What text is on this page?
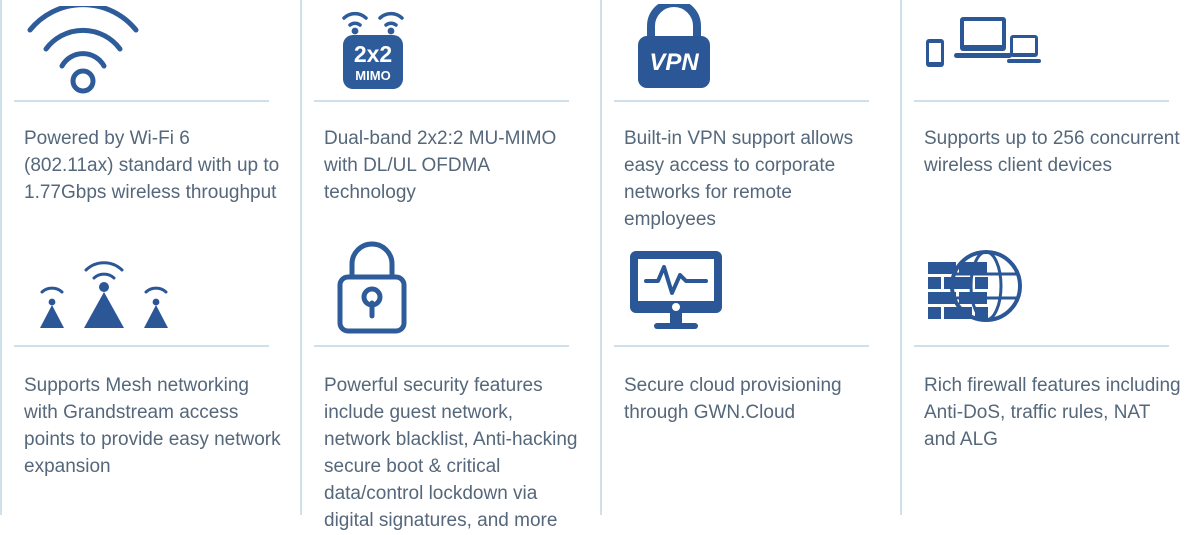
Powered by Wi-Fi 6 (802.11ax) standard with up to 1.77Gbps wireless throughput
2x2
MIMO
Dual-band 2x2:2 MU-MIMO with DL/UL OFDMA technology
VPN
Built-in VPN support allows easy access to corporate networks for remote employees
Supports up to 256 concurrent wireless client devices
Supports Mesh networking with Grandstream access points to provide easy network expansion
Powerful security features include guest network, network blacklist, Anti-hacking secure boot & critical data/control lockdown via digital signatures, and more
Secure cloud provisioning through GWN.Cloud
Rich firewall features including Anti-DoS, traffic rules, NAT and ALG
